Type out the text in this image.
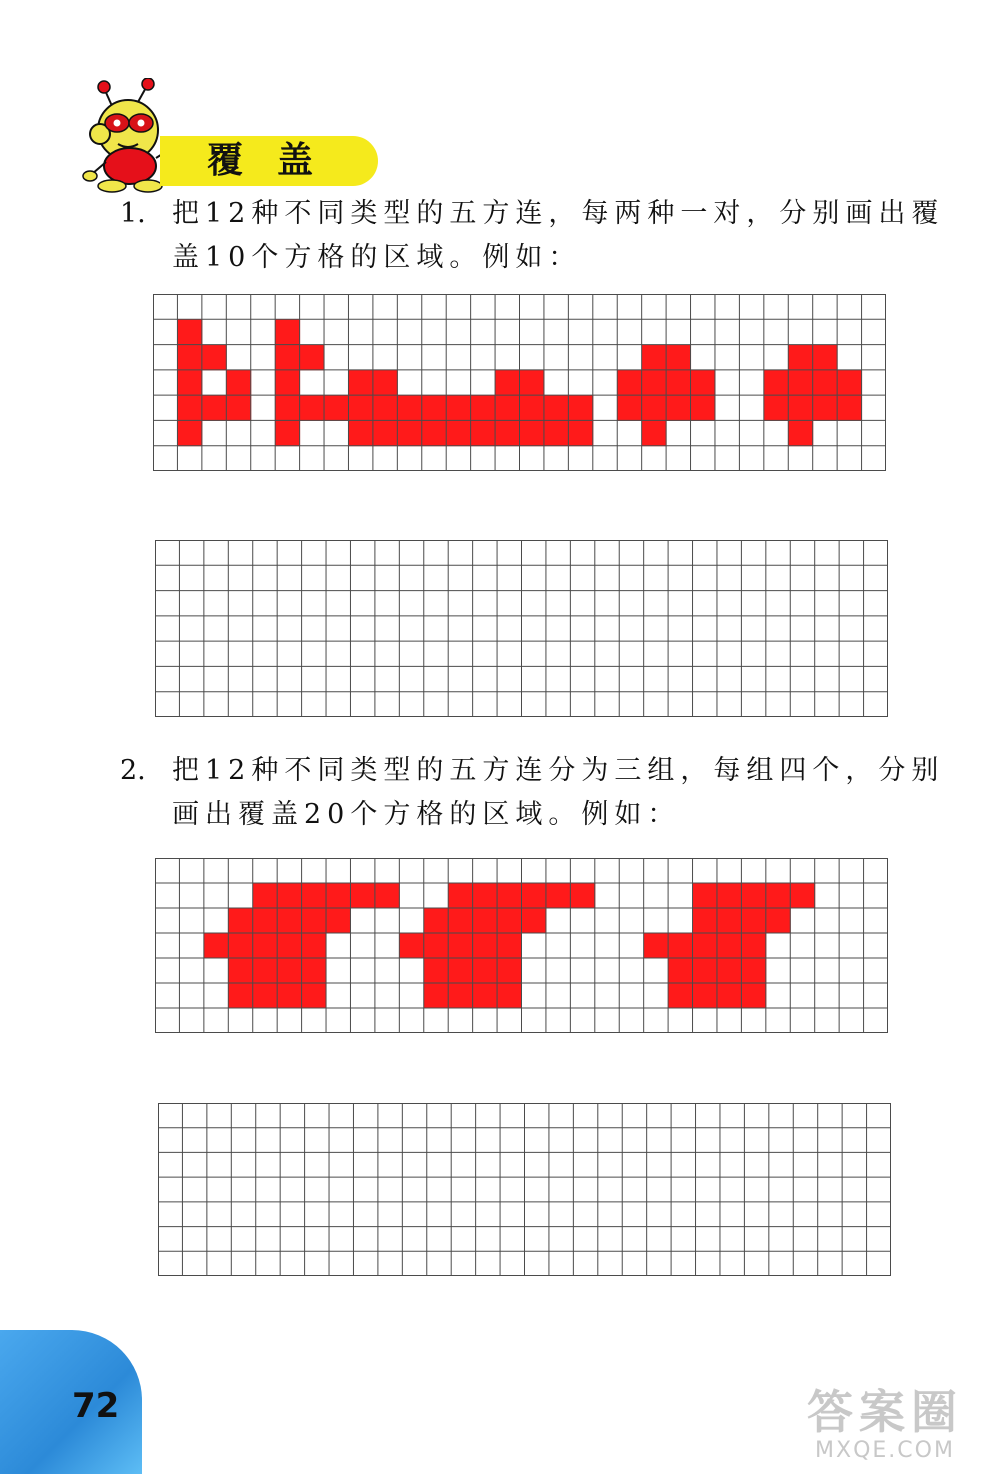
覆盖
1. 把12种不同类型的五方连，每两种一对，分别画出覆
盖10个方格的区域。例如：
2. 把12种不同类型的五方连分为三组，每组四个，分别
画出覆盖20个方格的区域。例如：
72	答案圈
MXQE.COM
